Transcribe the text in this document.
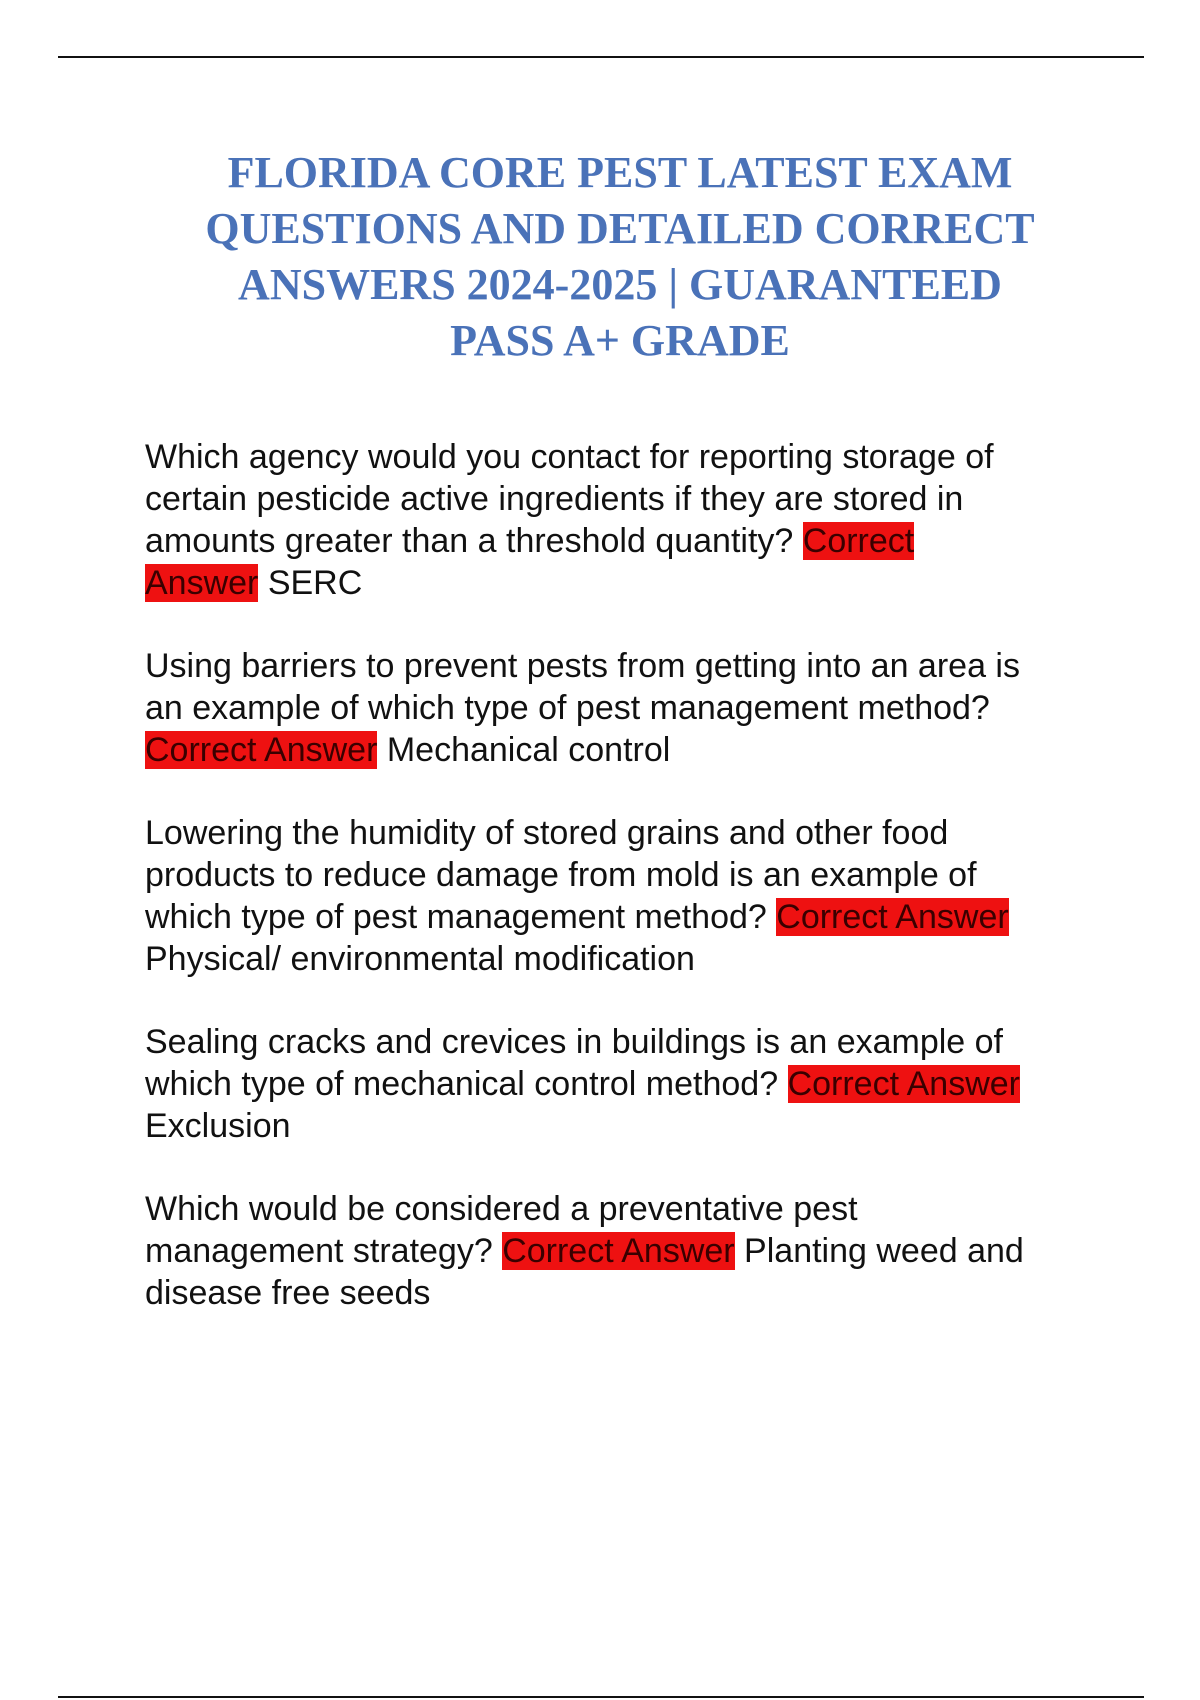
FLORIDA CORE PEST LATEST EXAM
QUESTIONS AND DETAILED CORRECT
ANSWERS 2024-2025 | GUARANTEED
PASS A+ GRADE

Which agency would you contact for reporting storage of
certain pesticide active ingredients if they are stored in
amounts greater than a threshold quantity? Correct
Answer SERC

Using barriers to prevent pests from getting into an area is
an example of which type of pest management method?
Correct Answer Mechanical control

Lowering the humidity of stored grains and other food
products to reduce damage from mold is an example of
which type of pest management method? Correct Answer
Physical/ environmental modification

Sealing cracks and crevices in buildings is an example of
which type of mechanical control method? Correct Answer
Exclusion

Which would be considered a preventative pest
management strategy? Correct Answer Planting weed and
disease free seeds
